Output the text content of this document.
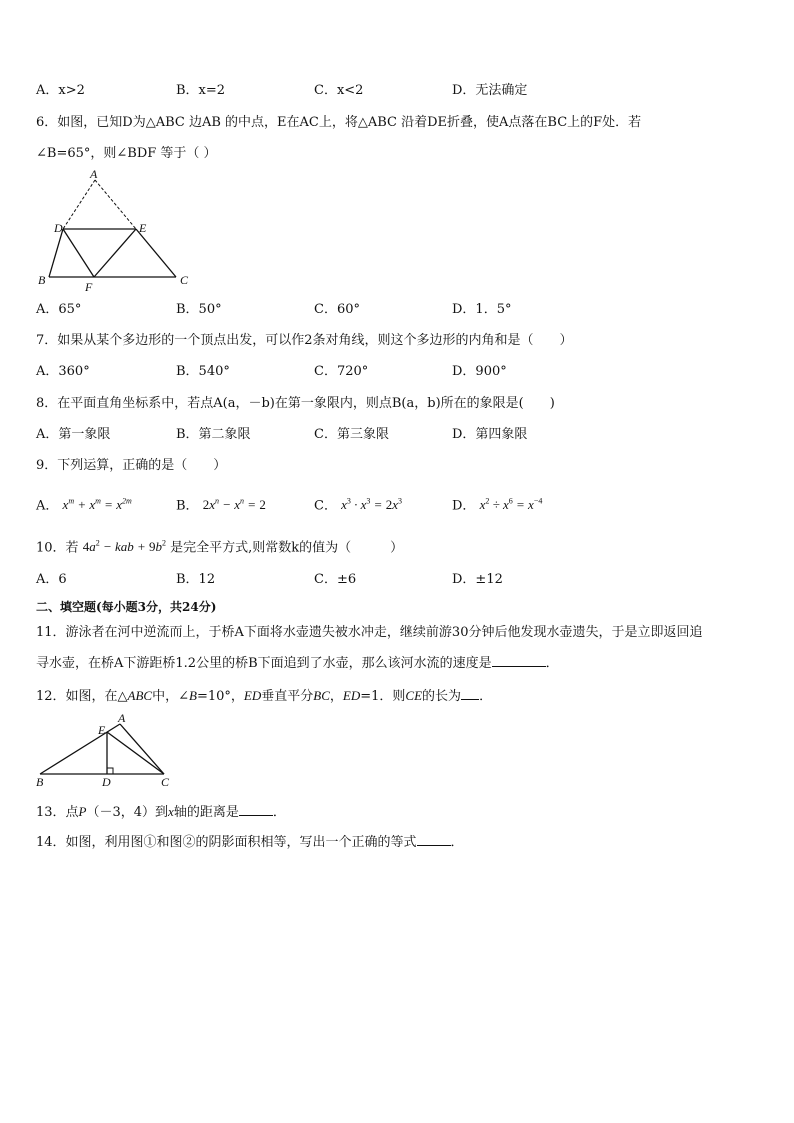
A．x>2	B．x=2	C．x<2	D．无法确定
6．如图，已知D为△ABC 边AB 的中点，E在AC上，将△ABC 沿着DE折叠，使A点落在BC上的F处．若
∠B=65°，则∠BDF 等于（ ）
A
B	C
D	E
F
A．65°	B．50°	C．60°	D．1．5°
7．如果从某个多边形的一个顶点出发，可以作2条对角线，则这个多边形的内角和是（　　）
A．360°	B．540°	C．720°	D．900°
8．在平面直角坐标系中，若点A(a，－b)在第一象限内，则点B(a，b)所在的象限是(　　)
A．第一象限	B．第二象限	C．第三象限	D．第四象限
9．下列运算，正确的是（　　）
A． $x^m + x^m = x^{2m}$	B． $2x^n - x^n = 2$	C． $x^3 \cdot x^3 = 2x^3$	D． $x^2 \div x^6 = x^{-4}$
10．若 $4a^2$ − kab + $9b^2$ 是完全平方式,则常数k的值为（　　　）
A．6	B．12	C．±6	D．±12
二、填空题(每小题3分，共24分)
11．游泳者在河中逆流而上，于桥A下面将水壶遗失被水冲走，继续前游30分钟后他发现水壶遗失，于是立即返回追
寻水壶，在桥A下游距桥1.2公里的桥B下面追到了水壶，那么该河水流的速度是	．
12．如图，在△ABC中，∠B=10°，ED垂直平分BC，ED=1．则CE的长为 ．
A
B	C
D
E
13．点P（－3，4）到x轴的距离是	．
14．如图，利用图①和图②的阴影面积相等，写出一个正确的等式	．
